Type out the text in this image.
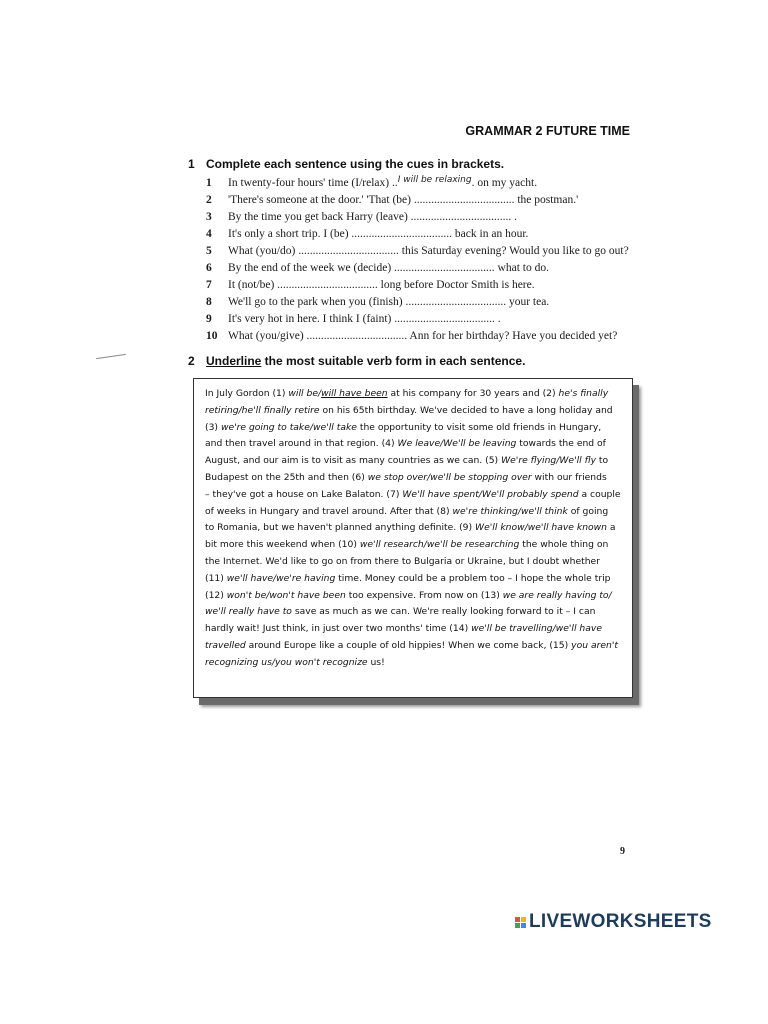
GRAMMAR 2 FUTURE TIME
1 Complete each sentence using the cues in brackets.
1 In twenty-four hours' time (I/relax) ..$^{I will be relaxing}$. on my yacht.
2 'There's someone at the door.' 'That (be) ................................... the postman.'
3 By the time you get back Harry (leave) ................................... .
4 It's only a short trip. I (be) ................................... back in an hour.
5 What (you/do) ................................... this Saturday evening? Would you like to go out?
6 By the end of the week we (decide) ................................... what to do.
7 It (not/be) ................................... long before Doctor Smith is here.
8 We'll go to the park when you (finish) ................................... your tea.
9 It's very hot in here. I think I (faint) ................................... .
10 What (you/give) ................................... Ann for her birthday? Have you decided yet?
2 Underline the most suitable verb form in each sentence.
In July Gordon (1) will be/will have been at his company for 30 years and (2) he's finally
retiring/he'll finally retire on his 65th birthday. We've decided to have a long holiday and
(3) we're going to take/we'll take the opportunity to visit some old friends in Hungary,
and then travel around in that region. (4) We leave/We'll be leaving towards the end of
August, and our aim is to visit as many countries as we can. (5) We're flying/We'll fly to
Budapest on the 25th and then (6) we stop over/we'll be stopping over with our friends
– they've got a house on Lake Balaton. (7) We'll have spent/We'll probably spend a couple
of weeks in Hungary and travel around. After that (8) we're thinking/we'll think of going
to Romania, but we haven't planned anything definite. (9) We'll know/we'll have known a
bit more this weekend when (10) we'll research/we'll be researching the whole thing on
the Internet. We'd like to go on from there to Bulgaria or Ukraine, but I doubt whether
(11) we'll have/we're having time. Money could be a problem too – I hope the whole trip
(12) won't be/won't have been too expensive. From now on (13) we are really having to/
we'll really have to save as much as we can. We're really looking forward to it – I can
hardly wait! Just think, in just over two months' time (14) we'll be travelling/we'll have
travelled around Europe like a couple of old hippies! When we come back, (15) you aren't
recognizing us/you won't recognize us!
9
LIVEWORKSHEETS
